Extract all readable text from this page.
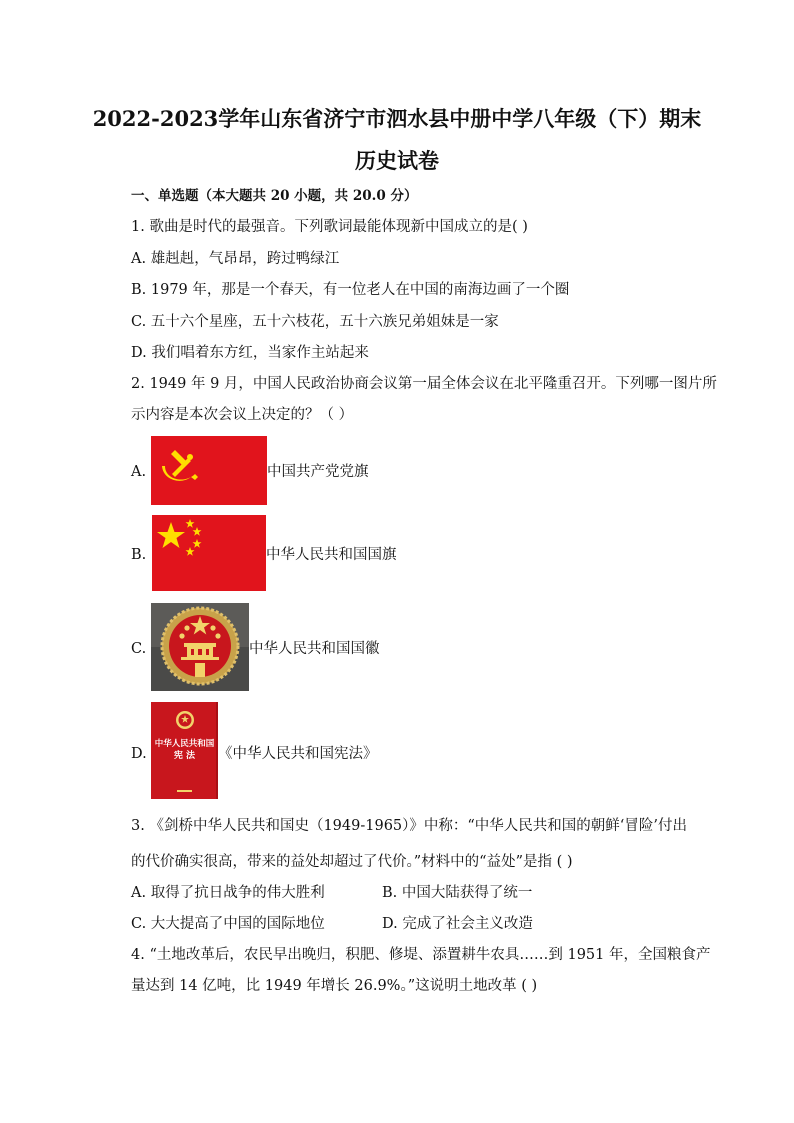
2022-2023学年山东省济宁市泗水县中册中学八年级（下）期末
历史试卷
一、单选题（本大题共 20 小题，共 20.0 分）
1. 歌曲是时代的最强音。下列歌词最能体现新中国成立的是( )
A. 雄赳赳，气昂昂，跨过鸭绿江
B. 1979 年，那是一个春天，有一位老人在中国的南海边画了一个圈
C. 五十六个星座，五十六枝花，五十六族兄弟姐妹是一家
D. 我们唱着东方红，当家作主站起来
2. 1949 年 9 月，中国人民政治协商会议第一届全体会议在北平隆重召开。下列哪一图片所
示内容是本次会议上决定的？（ ）
A.	中国共产党党旗
B.	中华人民共和国国旗
C.	中华人民共和国国徽
D.
中华人民共和国
宪 法	《中华人民共和国宪法》
3. 《剑桥中华人民共和国史（1949-1965）》中称：“中华人民共和国的朝鲜‘冒险’付出
的代价确实很高，带来的益处却超过了代价。”材料中的“益处”是指 ( )
A. 取得了抗日战争的伟大胜利	B. 中国大陆获得了统一
C. 大大提高了中国的国际地位	D. 完成了社会主义改造
4. “土地改革后，农民早出晚归，积肥、修堤、添置耕牛农具……到 1951 年，全国粮食产
量达到 14 亿吨，比 1949 年增长 26.9%。”这说明土地改革 ( )
